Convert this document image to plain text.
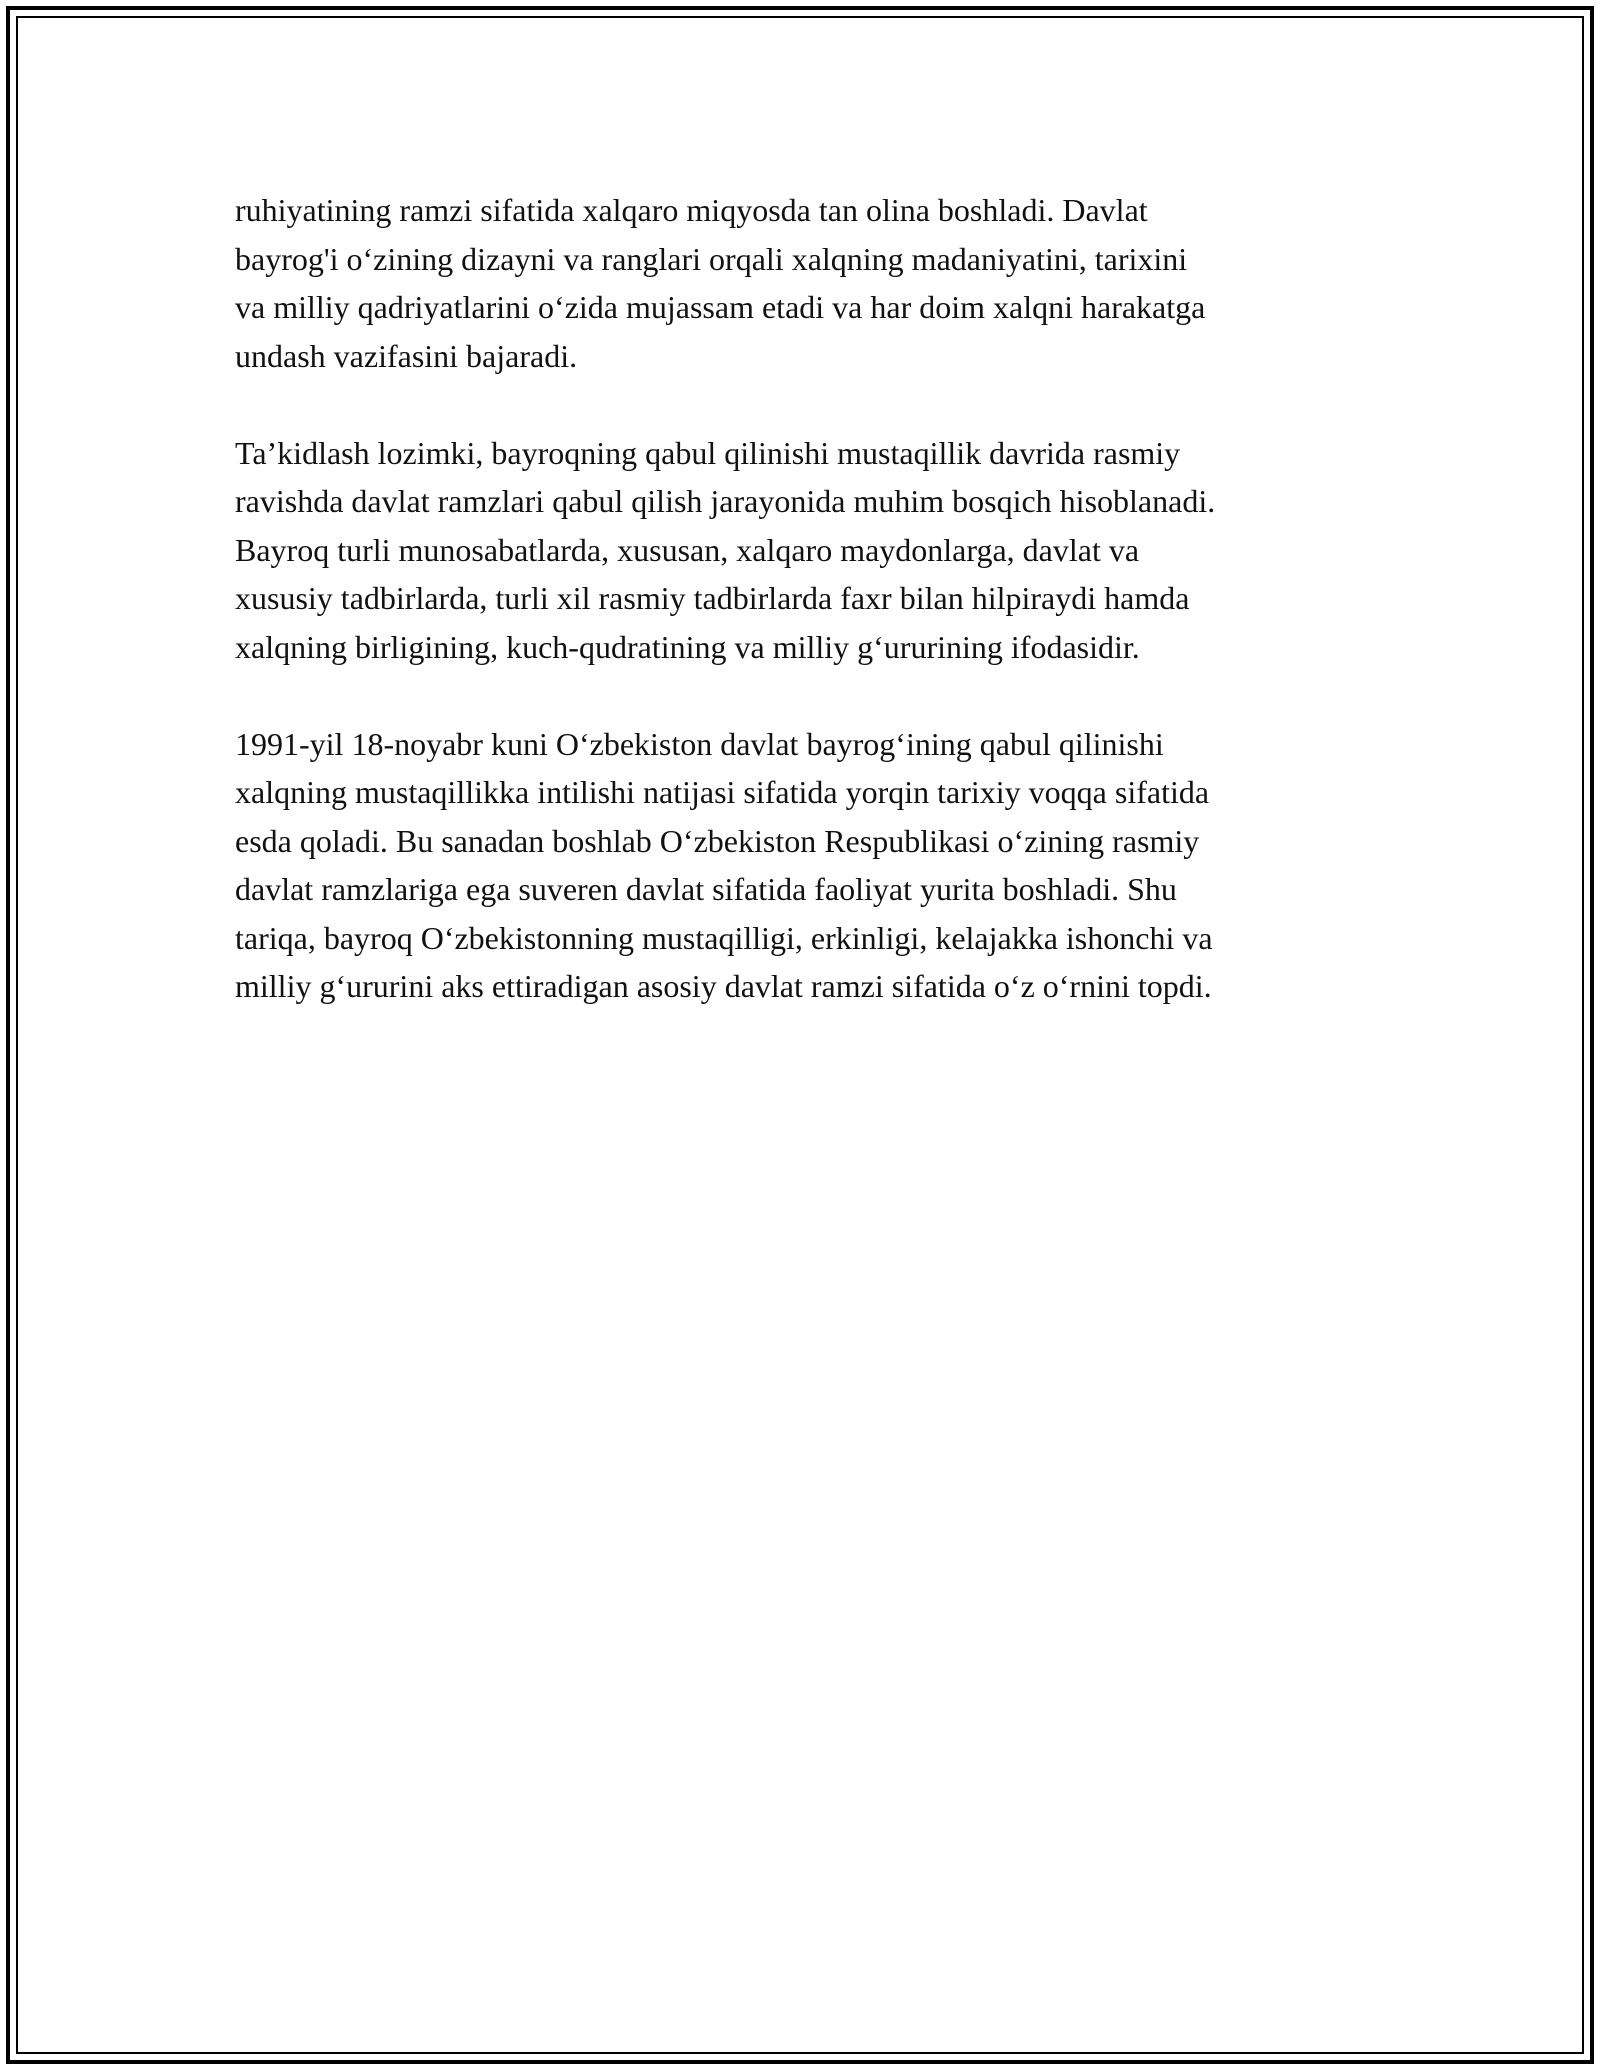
ruhiyatining ramzi sifatida xalqaro miqyosda tan olina boshladi. Davlat
bayrog'i o‘zining dizayni va ranglari orqali xalqning madaniyatini, tarixini
va milliy qadriyatlarini o‘zida mujassam etadi va har doim xalqni harakatga
undash vazifasini bajaradi.

Ta’kidlash lozimki, bayroqning qabul qilinishi mustaqillik davrida rasmiy
ravishda davlat ramzlari qabul qilish jarayonida muhim bosqich hisoblanadi.
Bayroq turli munosabatlarda, xususan, xalqaro maydonlarga, davlat va
xususiy tadbirlarda, turli xil rasmiy tadbirlarda faxr bilan hilpiraydi hamda
xalqning birligining, kuch-qudratining va milliy g‘ururining ifodasidir.

1991-yil 18-noyabr kuni O‘zbekiston davlat bayrog‘ining qabul qilinishi
xalqning mustaqillikka intilishi natijasi sifatida yorqin tarixiy voqqa sifatida
esda qoladi. Bu sanadan boshlab O‘zbekiston Respublikasi o‘zining rasmiy
davlat ramzlariga ega suveren davlat sifatida faoliyat yurita boshladi. Shu
tariqa, bayroq O‘zbekistonning mustaqilligi, erkinligi, kelajakka ishonchi va
milliy g‘ururini aks ettiradigan asosiy davlat ramzi sifatida o‘z o‘rnini topdi.
